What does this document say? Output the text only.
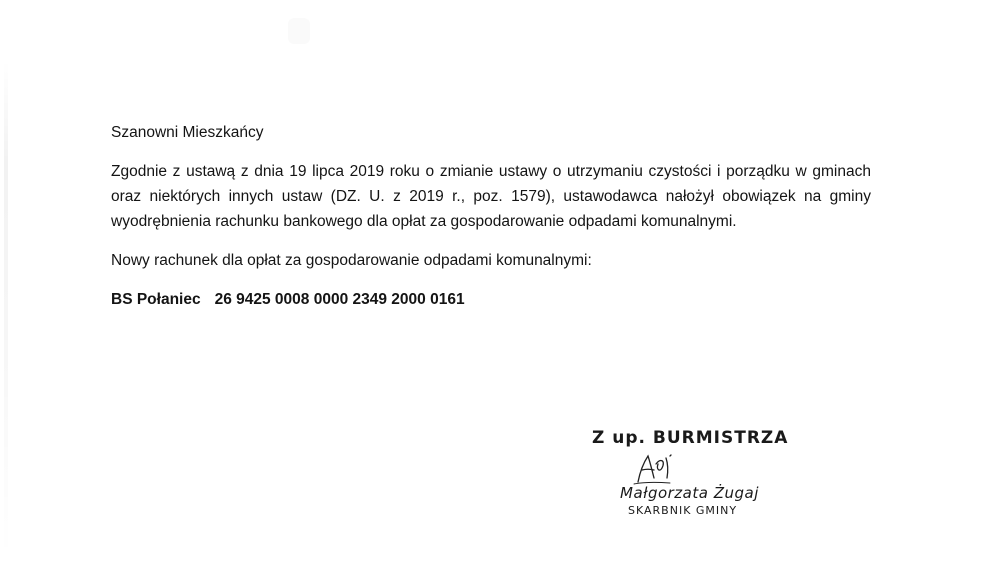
Szanowni Mieszkańcy

Zgodnie z ustawą z dnia 19 lipca 2019 roku o zmianie ustawy o utrzymaniu czystości i porządku w gminach oraz niektórych innych ustaw (DZ. U. z 2019 r., poz. 1579), ustawodawca nałożył obowiązek na gminy wyodrębnienia rachunku bankowego dla opłat za gospodarowanie odpadami komunalnymi.

Nowy rachunek dla opłat za gospodarowanie odpadami komunalnymi:

BS Połaniec 26 9425 0008 0000 2349 2000 0161

Z up. BURMISTRZA
Małgorzata Żugaj
SKARBNIK GMINY
